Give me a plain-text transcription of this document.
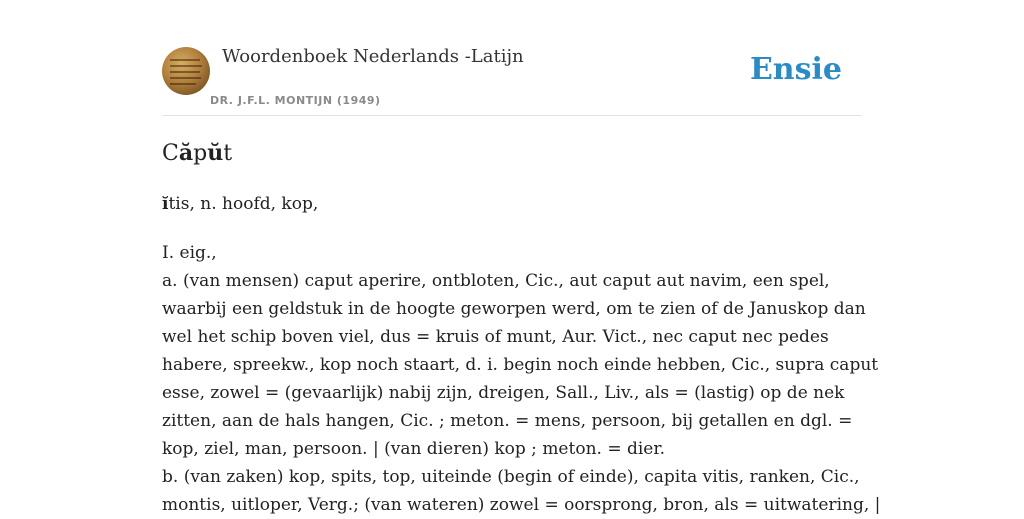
Woordenboek Nederlands -Latijn
DR. J.F.L. MONTIJN (1949)
Ensie
Căpŭt
ĭtis, n. hoofd, kop,
I. eig.,
a. (van mensen) caput aperire, ontbloten, Cic., aut caput aut navim, een spel,
waarbij een geldstuk in de hoogte geworpen werd, om te zien of de Januskop dan
wel het schip boven viel, dus = kruis of munt, Aur. Vict., nec caput nec pedes
habere, spreekw., kop noch staart, d. i. begin noch einde hebben, Cic., supra caput
esse, zowel = (gevaarlijk) nabij zijn, dreigen, Sall., Liv., als = (lastig) op de nek
zitten, aan de hals hangen, Cic. ; meton. = mens, persoon, bij getallen en dgl. =
kop, ziel, man, persoon. | (van dieren) kop ; meton. = dier.
b. (van zaken) kop, spits, top, uiteinde (begin of einde), capita vitis, ranken, Cic.,
montis, uitloper, Verg.; (van wateren) zowel = oorsprong, bron, als = uitwatering, |
